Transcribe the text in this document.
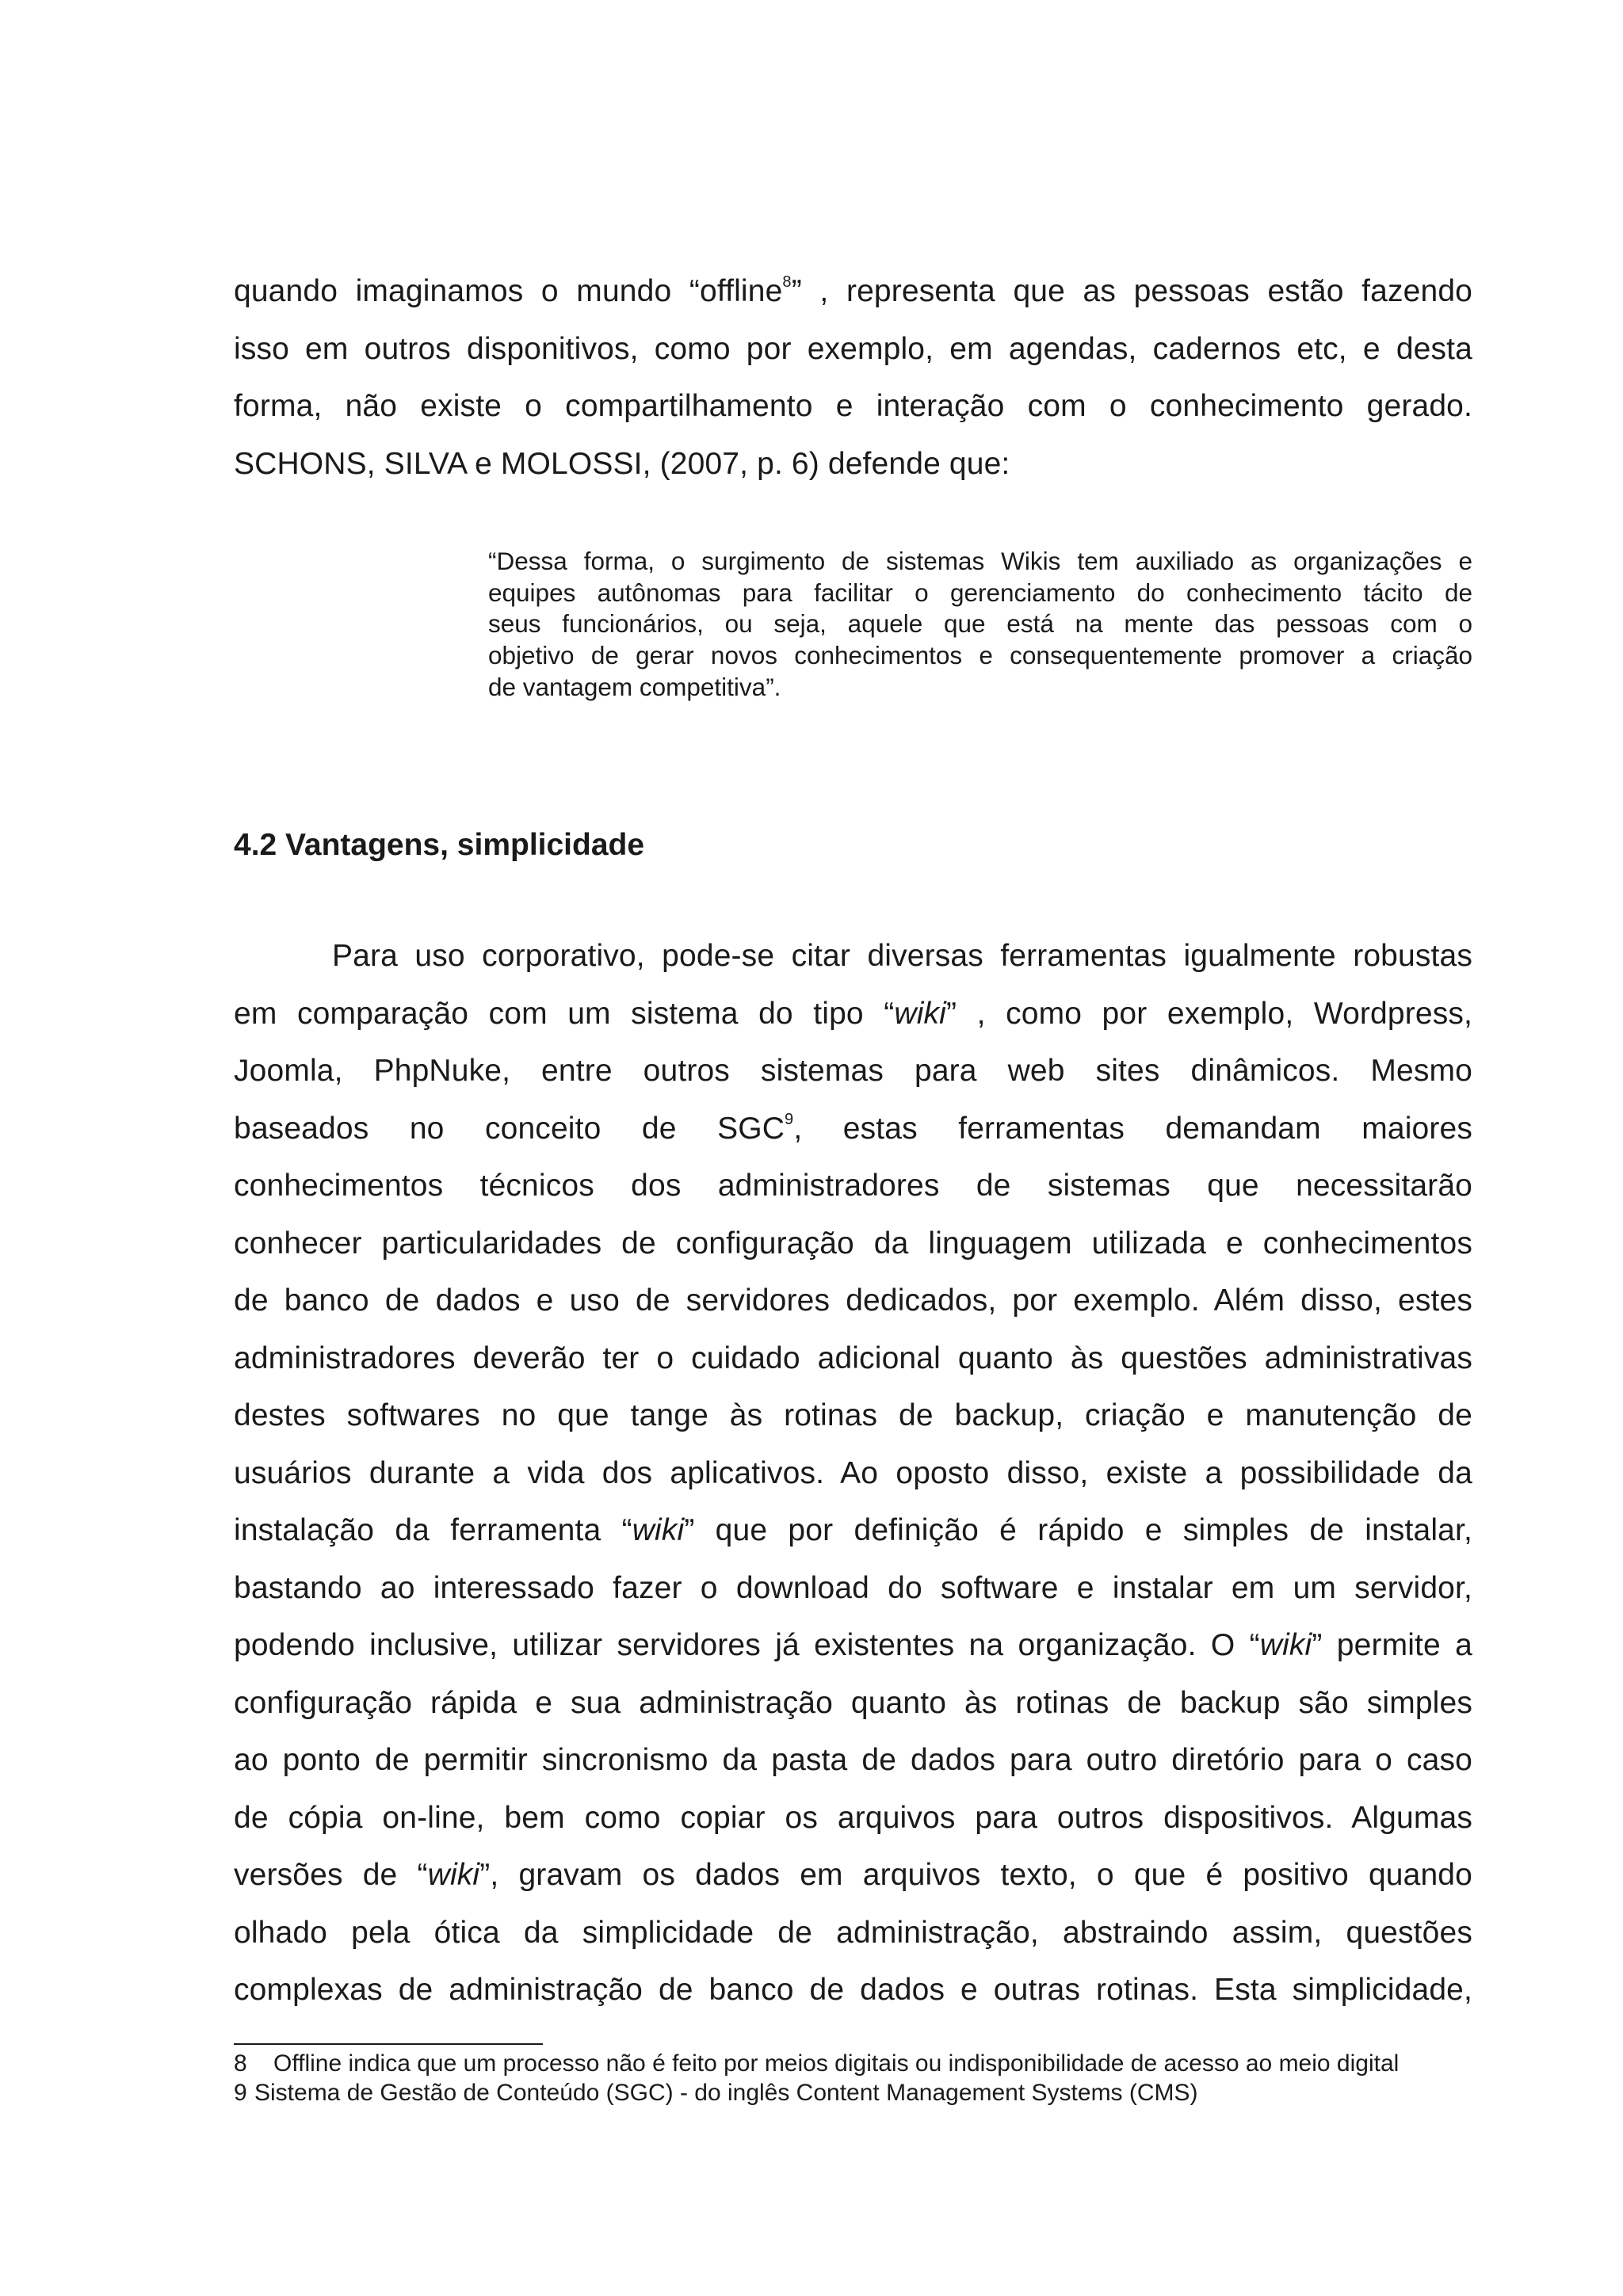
quando imaginamos o mundo “offline$^8$” , representa que as pessoas estão fazendo
isso em outros disponitivos, como por exemplo, em agendas, cadernos etc, e desta
forma, não existe o compartilhamento e interação com o conhecimento gerado.
SCHONS, SILVA e MOLOSSI, (2007, p. 6) defende que:
“Dessa forma, o surgimento de sistemas Wikis tem auxiliado as organizações e
equipes autônomas para facilitar o gerenciamento do conhecimento tácito de
seus funcionários, ou seja, aquele que está na mente das pessoas com o
objetivo de gerar novos conhecimentos e consequentemente promover a criação
de vantagem competitiva”.
4.2 Vantagens, simplicidade
Para uso corporativo, pode-se citar diversas ferramentas igualmente robustas
em comparação com um sistema do tipo “wiki” , como por exemplo, Wordpress,
Joomla, PhpNuke, entre outros sistemas para web sites dinâmicos. Mesmo
baseados no conceito de SGC$^9$, estas ferramentas demandam maiores
conhecimentos técnicos dos administradores de sistemas que necessitarão
conhecer particularidades de configuração da linguagem utilizada e conhecimentos
de banco de dados e uso de servidores dedicados, por exemplo. Além disso, estes
administradores deverão ter o cuidado adicional quanto às questões administrativas
destes softwares no que tange às rotinas de backup, criação e manutenção de
usuários durante a vida dos aplicativos. Ao oposto disso, existe a possibilidade da
instalação da ferramenta “wiki” que por definição é rápido e simples de instalar,
bastando ao interessado fazer o download do software e instalar em um servidor,
podendo inclusive, utilizar servidores já existentes na organização. O “wiki” permite a
configuração rápida e sua administração quanto às rotinas de backup são simples
ao ponto de permitir sincronismo da pasta de dados para outro diretório para o caso
de cópia on-line, bem como copiar os arquivos para outros dispositivos. Algumas
versões de “wiki”, gravam os dados em arquivos texto, o que é positivo quando
olhado pela ótica da simplicidade de administração, abstraindo assim, questões
complexas de administração de banco de dados e outras rotinas. Esta simplicidade,
8 Offline indica que um processo não é feito por meios digitais ou indisponibilidade de acesso ao meio digital
9 Sistema de Gestão de Conteúdo (SGC) - do inglês Content Management Systems (CMS)
